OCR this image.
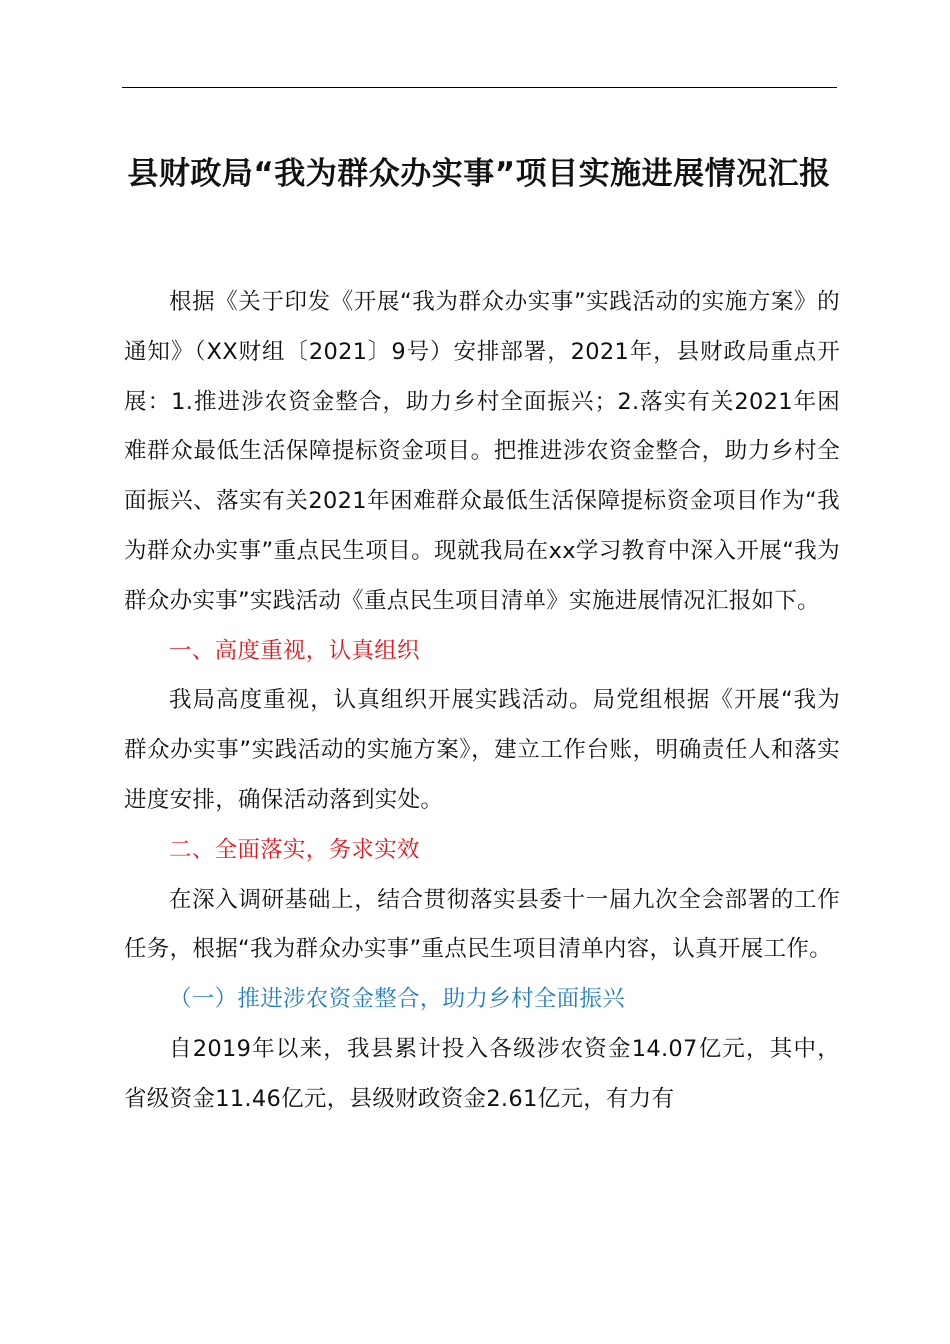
县财政局“我为群众办实事”项目实施进展情况汇报

根据《关于印发《开展“我为群众办实事”实践活动的实施方案》的通知》（XX财组〔2021〕9号）安排部署，2021年，县财政局重点开展：1.推进涉农资金整合，助力乡村全面振兴；2.落实有关2021年困难群众最低生活保障提标资金项目。把推进涉农资金整合，助力乡村全面振兴、落实有关2021年困难群众最低生活保障提标资金项目作为“我为群众办实事”重点民生项目。现就我局在xx学习教育中深入开展“我为群众办实事”实践活动《重点民生项目清单》实施进展情况汇报如下。

一、高度重视，认真组织

我局高度重视，认真组织开展实践活动。局党组根据《开展“我为群众办实事”实践活动的实施方案》，建立工作台账，明确责任人和落实进度安排，确保活动落到实处。

二、全面落实，务求实效

在深入调研基础上，结合贯彻落实县委十一届九次全会部署的工作任务，根据“我为群众办实事”重点民生项目清单内容，认真开展工作。

（一）推进涉农资金整合，助力乡村全面振兴

自2019年以来，我县累计投入各级涉农资金14.07亿元，其中，省级资金11.46亿元，县级财政资金2.61亿元，有力有
